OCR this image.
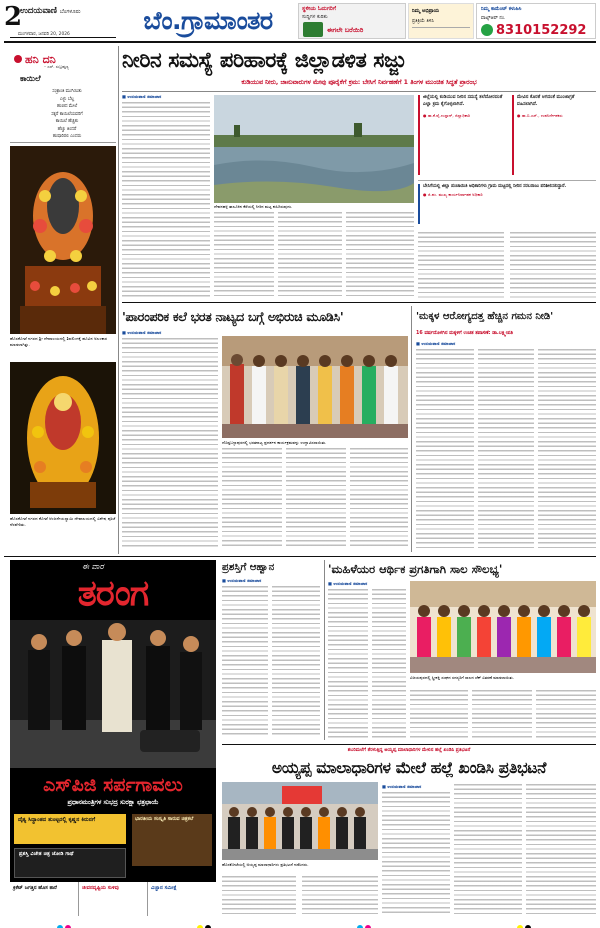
2
ಉದಯವಾಣಿ ಬೆಂಗಳೂರು
ಮಂಗಳವಾರ, ಜನವರಿ 20, 2026	ಬೆಂ.ಗ್ರಾಮಾಂತರ	ಸ್ಥಳೀಯ ಓದುಗರಿಗೆ
ಸುದ್ದಿಗಳ ಕುರಿತು
ಈಗಲೇ ಬರೆಯಿರಿ
ನಿಮ್ಮ ಅಭಿಪ್ರಾಯ
ಪ್ರತಿಕ್ರಿಯೆ ತಿಳಿಸಿ
ನಿಮ್ಮ ಕಾಮೆಂಟ್ ಕಳುಹಿಸಿ
ವಾಟ್ಸ್‌ಆಪ್ ನಂ.
8310152292
ಹನಿ ದನಿ
– ಎಸ್. ಸುಬ್ರಹ್ಮಣ್ಯ
ಕಾಯಿಲೆ
ಸಂಕ್ರಾಂತಿ ಮುಗಿಯಿತು
ಎಳ್ಳು ಬೆಲ್ಲ
ಹಂಚಿದ ಮೇಲೆ
ಸಕ್ಕರೆ ಕಾಯಿಲೆಯವರಿಗೆ
ಕಾಯಿಲೆ ಹೆಚ್ಚಿತು
ಹೆಚ್ಚು ತಿಂದರೆ
ಹುಷಾರಿರಲಿ ಎಂದರು
ಹೊಸಕೋಟೆ ನಗರದ ಶ್ರೀ ದೇವಾಲಯದಲ್ಲಿ ಶಿವಲಿಂಗಕ್ಕೆ ಹೂವಿನ ಅಲಂಕಾರ ಮಾಡಲಾಗಿತ್ತು.
ಹೊಸಕೋಟೆ ನಗರದ ಕೋಟೆ ಆಂಜನೇಯಸ್ವಾಮಿ ದೇವಾಲಯದಲ್ಲಿ ವಿಶೇಷ ಪೂಜೆ ನೆರವೇರಿತು.
ನೀರಿನ ಸಮಸ್ಯೆ ಪರಿಹಾರಕ್ಕೆ ಜಿಲ್ಲಾಡಳಿತ ಸಜ್ಜು
ಕುಡಿಯುವ ನೀರು, ಜಾನುವಾರುಗಳ ಮೇವು ಪೂರೈಕೆಗೆ ಕ್ರಮ: ಬೇಸಿಗೆ ನಿರ್ವಹಣೆಗೆ 1 ತಿಂಗಳ ಮುಂಚಿತ ಸಿದ್ಧತೆ ಪ್ರಾರಂಭ
■ ಉದಯವಾಣಿ ಸಮಾಚಾರ
ದೇವನಹಳ್ಳಿ ತಾಲೂಕಿನ ಕೆರೆಯಲ್ಲಿ ನೀರಿನ ಮಟ್ಟ ಕುಸಿದಿರುವುದು.
ಜಿಲ್ಲೆಯಲ್ಲಿ ಕುಡಿಯುವ ನೀರಿನ ಸಮಸ್ಯೆ ತಲೆದೋರದಂತೆ ಎಲ್ಲಾ ಕ್ರಮ ಕೈಗೊಳ್ಳಲಾಗಿದೆ.
● ಡಾ.ಕೆ.ವೈ.ಉಸ್ತಾದ್, ಜಿಲ್ಲಾಧಿಕಾರಿ
ಮೇವಿನ ಕೊರತೆ ಆಗದಂತೆ ಮುಂಜಾಗ್ರತೆ ವಹಿಸಲಾಗಿದೆ.
● ಡಾ.ಬಿ.ಎಸ್., ಉಪನಿರ್ದೇಶಕರು
ಬೇಸಿಗೆಯಲ್ಲಿ ಜಿಲ್ಲಾ ಪಂಚಾಯಿತಿ ಅಧಿಕಾರಿಗಳು ಗ್ರಾಮ ಮಟ್ಟದಲ್ಲಿ ನೀರಿನ ಸರಬರಾಜು ಪರಿಶೀಲಿಸಲಿದ್ದಾರೆ.
● ಜಿ.ಪಂ. ಮುಖ್ಯ ಕಾರ್ಯನಿರ್ವಾಹಕ ಅಧಿಕಾರಿ
'ಪಾರಂಪರಿಕ ಕಲೆ ಭರತ ನಾಟ್ಯದ ಬಗ್ಗೆ ಅಭಿರುಚಿ ಮೂಡಿಸಿ'
■ ಉದಯವಾಣಿ ಸಮಾಚಾರ
ದೊಡ್ಡಬಳ್ಳಾಪುರದಲ್ಲಿ ಭರತನಾಟ್ಯ ಪ್ರದರ್ಶನ ಕಾರ್ಯಕ್ರಮವನ್ನು ಉದ್ಘಾಟಿಸಲಾಯಿತು.
'ಮಕ್ಕಳ ಆರೋಗ್ಯದತ್ತ ಹೆಚ್ಚಿನ ಗಮನ ನೀಡಿ'
16 ವರ್ಷದೊಳಗಿನ ಮಕ್ಕಳಿಗೆ ಉಚಿತ ತಪಾಸಣೆ: ಡಾ.ಲಕ್ಷ್ಮೀಪತಿ
■ ಉದಯವಾಣಿ ಸಮಾಚಾರ
ಈ ವಾರ
ತರಂಗ
ಎಸ್‌ಪಿಜಿ ಸರ್ಪಗಾವಲು
ಪ್ರಧಾನಮಂತ್ರಿಗಳ ಸುಭದ್ರ ಸುರಕ್ಷಾ ಛತ್ರಛಾಯೆ
ದೈತ್ಯ ಸಿದ್ಧಾಂತದ ತುಂಟ್ಟರಲ್ಲಿ ಕೃಷ್ಣನ ಕಿರುನಗೆ	ಭಾರತೀಯ ಸಂಸ್ಕೃತಿ ಸಾರುವ ಚಿತ್ರಕಲೆ
ಪ್ರಶಸ್ತಿ ವಿಜೇತ ಚಿತ್ರ ಜೋಡಿ ಗಾಥೆ
ಕ್ರಿಕೆಟ್ ಜಗತ್ತಿನ ಹೊಸ ತಾರೆ	ಜೀವನದೃಷ್ಟಿಯ ಸುಳಿವು	ವಿಜ್ಞಾನ ಸಮೀಕ್ಷೆ
ಪ್ರಶಸ್ತಿಗೆ ಆಹ್ವಾನ
■ ಉದಯವಾಣಿ ಸಮಾಚಾರ
'ಮಹಿಳೆಯರ ಆರ್ಥಿಕ ಪ್ರಗತಿಗಾಗಿ ಸಾಲ ಸೌಲಭ್ಯ'
■ ಉದಯವಾಣಿ ಸಮಾಚಾರ
ವಿಜಯಪುರದಲ್ಲಿ ಸ್ತ್ರೀಶಕ್ತಿ ಸಂಘದ ಸದಸ್ಯರಿಗೆ ಸಾಲದ ಚೆಕ್ ವಿತರಣೆ ಮಾಡಲಾಯಿತು.
ಶಬರಿಮಲೆಗೆ ತೆರಳುತ್ತಿದ್ದ ಅಯ್ಯಪ್ಪ ಮಾಲಾಧಾರಿಗಳ ಮೇಲಿನ ಹಲ್ಲೆ ಖಂಡಿಸಿ ಪ್ರತಿಭಟನೆ
ಅಯ್ಯಪ್ಪ ಮಾಲಾಧಾರಿಗಳ ಮೇಲೆ ಹಲ್ಲೆ ಖಂಡಿಸಿ ಪ್ರತಿಭಟನೆ
ಹೊಸಕೋಟೆಯಲ್ಲಿ ಅಯ್ಯಪ್ಪ ಮಾಲಾಧಾರಿಗಳು ಪ್ರತಿಭಟನೆ ನಡೆಸಿದರು.
■ ಉದಯವಾಣಿ ಸಮಾಚಾರ
